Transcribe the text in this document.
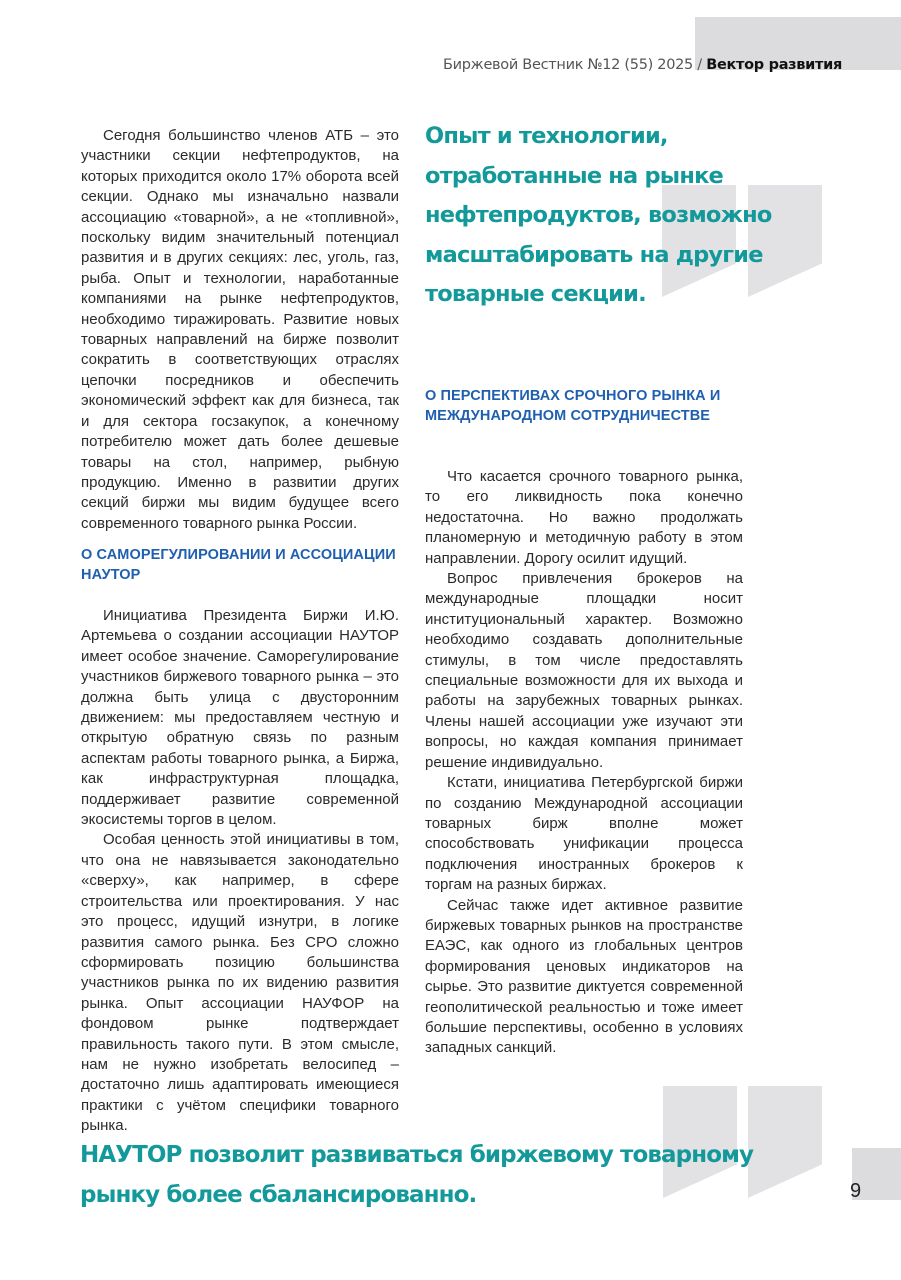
Биржевой Вестник №12 (55) 2025 / Вектор развития

Сегодня большинство членов АТБ – это участники секции нефтепродуктов, на которых приходится около 17% оборота всей секции. Однако мы изначально назвали ассоциацию «товарной», а не «топливной», поскольку видим значительный потенциал развития и в других секциях: лес, уголь, газ, рыба. Опыт и технологии, наработанные компаниями на рынке нефтепродуктов, необходимо тиражировать. Развитие новых товарных направлений на бирже позволит сократить в соответствующих отраслях цепочки посредников и обеспечить экономический эффект как для бизнеса, так и для сектора госзакупок, а конечному потребителю может дать более дешевые товары на стол, например, рыбную продукцию. Именно в развитии других секций биржи мы видим будущее всего современного товарного рынка России.

О САМОРЕГУЛИРОВАНИИ И АССОЦИАЦИИ НАУТОР

Инициатива Президента Биржи И.Ю. Артемьева о создании ассоциации НАУТОР имеет особое значение. Саморегулирование участников биржевого товарного рынка – это должна быть улица с двусторонним движением: мы предоставляем честную и открытую обратную связь по разным аспектам работы товарного рынка, а Биржа, как инфраструктурная площадка, поддерживает развитие современной экосистемы торгов в целом.

Особая ценность этой инициативы в том, что она не навязывается законодательно «сверху», как например, в сфере строительства или проектирования. У нас это процесс, идущий изнутри, в логике развития самого рынка. Без СРО сложно сформировать позицию большинства участников рынка по их видению развития рынка. Опыт ассоциации НАУФОР на фондовом рынке подтверждает правильность такого пути. В этом смысле, нам не нужно изобретать велосипед – достаточно лишь адаптировать имеющиеся практики с учётом специфики товарного рынка.

Опыт и технологии, отработанные на рынке нефтепродуктов, возможно масштабировать на другие товарные секции.
О ПЕРСПЕКТИВАХ СРОЧНОГО РЫНКА И МЕЖДУНАРОДНОМ СОТРУДНИЧЕСТВЕ

Что касается срочного товарного рынка, то его ликвидность пока конечно недостаточна. Но важно продолжать планомерную и методичную работу в этом направлении. Дорогу осилит идущий.

Вопрос привлечения брокеров на международные площадки носит институциональный характер. Возможно необходимо создавать дополнительные стимулы, в том числе предоставлять специальные возможности для их выхода и работы на зарубежных товарных рынках. Члены нашей ассоциации уже изучают эти вопросы, но каждая компания принимает решение индивидуально.

Кстати, инициатива Петербургской биржи по созданию Международной ассоциации товарных бирж вполне может способствовать унификации процесса подключения иностранных брокеров к торгам на разных биржах.

Сейчас также идет активное развитие биржевых товарных рынков на пространстве ЕАЭС, как одного из глобальных центров формирования ценовых индикаторов на сырье. Это развитие диктуется современной геополитической реальностью и тоже имеет большие перспективы, особенно в условиях западных санкций.

НАУТОР позволит развиваться биржевому товарному рынку более сбалансированно.	9
